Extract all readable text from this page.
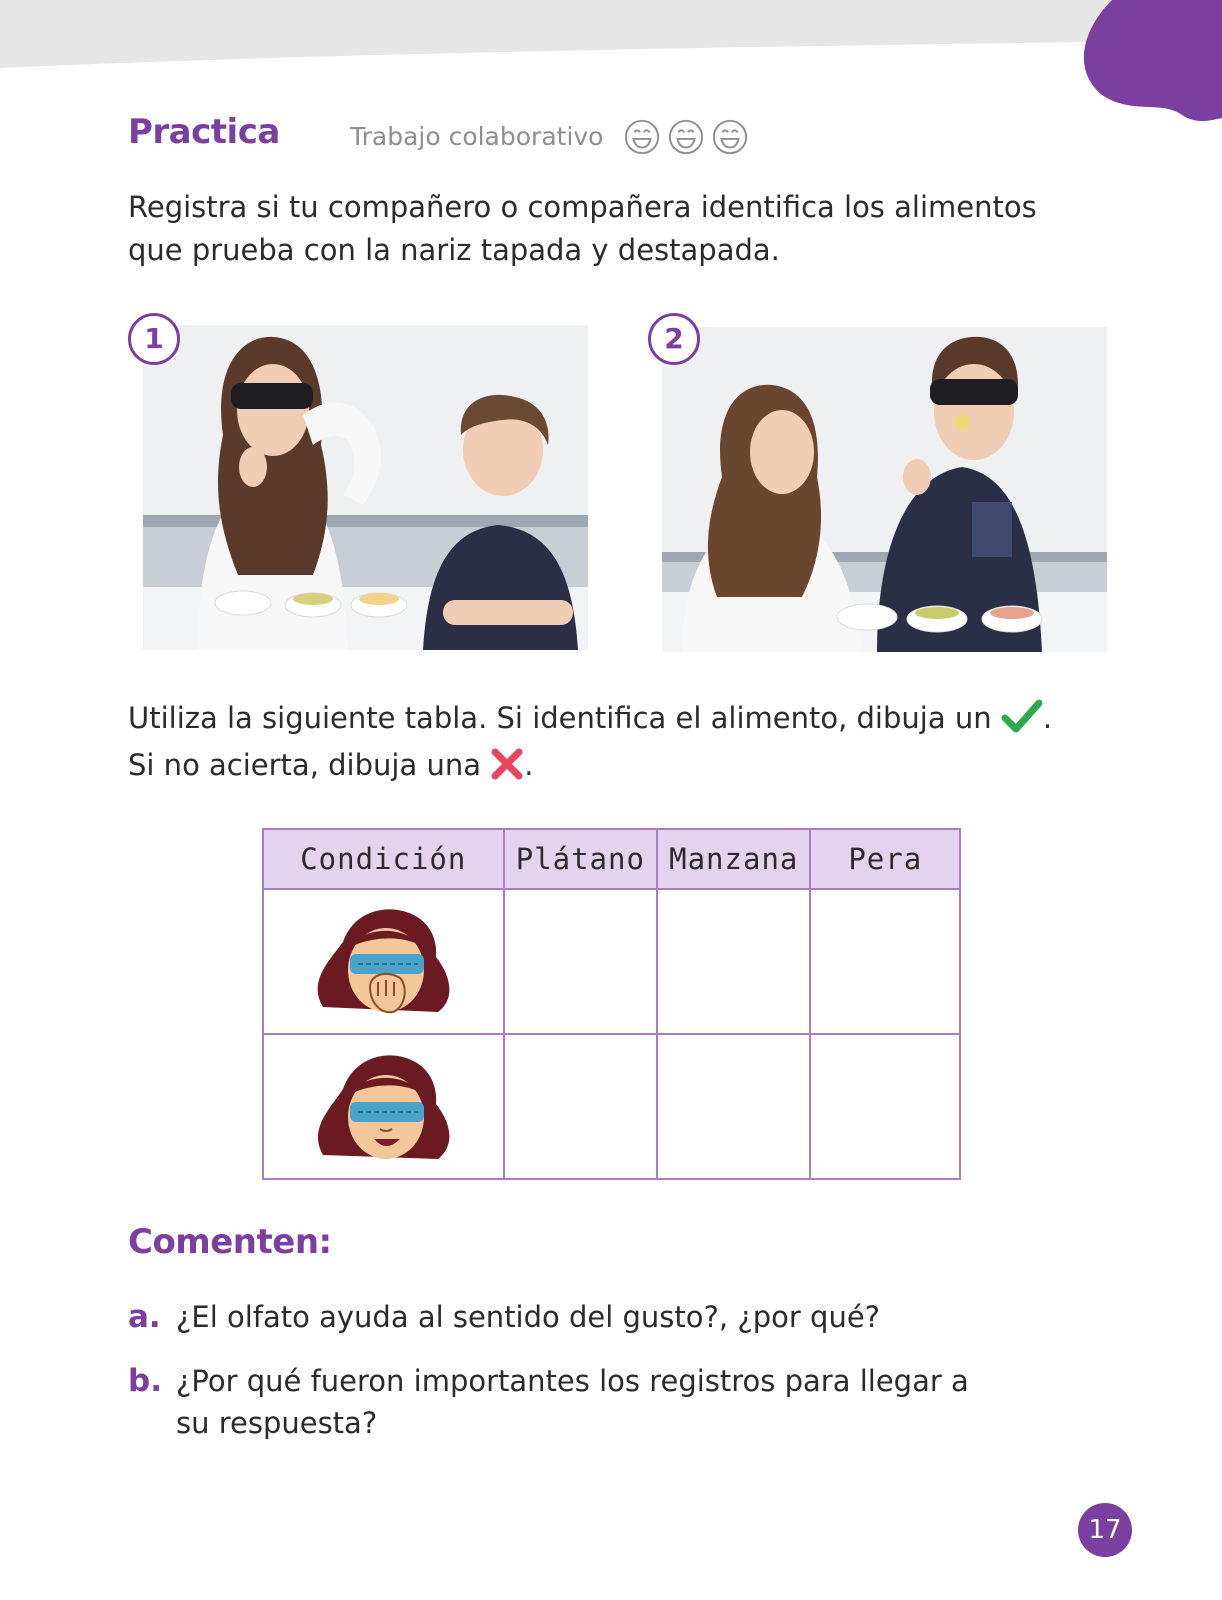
Practica	Trabajo colaborativo
Registra si tu compañero o compañera identifica los alimentos que prueba con la nariz tapada y destapada.
1	2
Utiliza la siguiente tabla. Si identifica el alimento, dibuja un .
Si no acierta, dibuja una .
Condición	Plátano	Manzana	Pera

Comenten:
a. ¿El olfato ayuda al sentido del gusto?, ¿por qué?
b. ¿Por qué fueron importantes los registros para llegar a su respuesta?
17
